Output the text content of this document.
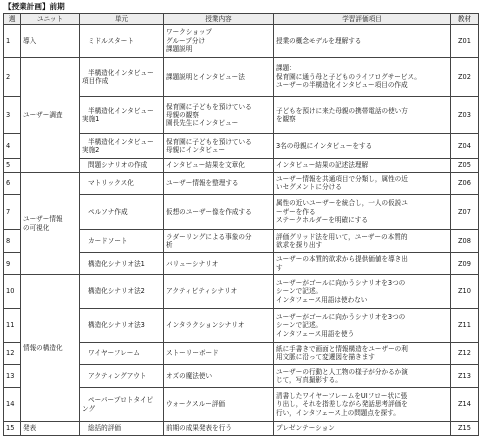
【授業計画】前期
週	ユニット	単元	授業内容	学習評価項目	教材
1	導入	ミドルスタート	ワークショップ
グループ分け
課題説明	授業の概念モデルを理解する	Z01
2	ユーザー調査	半構造化インタビュー
項目作成	課題説明とインタビュー法	課題：
保育園に通う母と子どものライフログサービス。
ユーザーの半構造化インタビュー項目の作成	Z02
3		半構造化インタビュー
実施1	保育園に子どもを預けている
母親の観察
園長先生にインタビュー	子どもを預けに来た母親の携帯電話の使い方
を観察	Z03
4		半構造化インタビュー
実施2	保育園に子どもを預けている
母親にインタビュー	3名の母親にインタビューをする	Z04
5		問題シナリオの作成	インタビュー結果を文章化	インタビュー結果の記述法理解	Z05
6	ユーザー情報
の可視化	マトリックス化	ユーザー情報を整理する	ユーザー情報を共通項目で分類し，属性の近
いセグメントに分ける	Z06
7		ペルソナ作成	仮想のユーザー像を作成する	属性の近いユーザーを統合し，一人の仮説ユ
ーザーを作る
ステークホルダーを明確にする	Z07
8		カードソート	ラダーリングによる事象の分
析	評価グリッド法を用いて，ユーザーの本質的
欲求を探り出す	Z08
9		構造化シナリオ法1	バリューシナリオ	ユーザーの本質的欲求から提供価値を導き出
す	Z09
10	情報の構造化	構造化シナリオ法2	アクティビティシナリオ	ユーザーがゴールに向かうシナリオを3つの
シーンで記述。
インタフェース用語は使わない	Z10
11		構造化シナリオ法3	インタラクションシナリオ	ユーザーがゴールに向かうシナリオを3つの
シーンで記述。
インタフェース用語を使う	Z11
12		ワイヤーフレーム	ストーリーボード	紙に手書きで画面と情報構造をユーザーの利
用文脈に沿って変遷図を描きます	Z12
13		アクティングアウト	オズの魔法使い	ユーザーの行動と人工物の様子が分かるか演
じて，写真撮影する。	Z13
14		ペーパープロトタイピ
ング	ウォークスルー評価	清書したワイヤーフレームをUIフロー状に張
り出し，それを指差しながら発話思考評価を
行い，インタフェース上の問題点を探す。	Z14
15	発表	総括的評価	前期の成果発表を行う	プレゼンテーション	Z15
